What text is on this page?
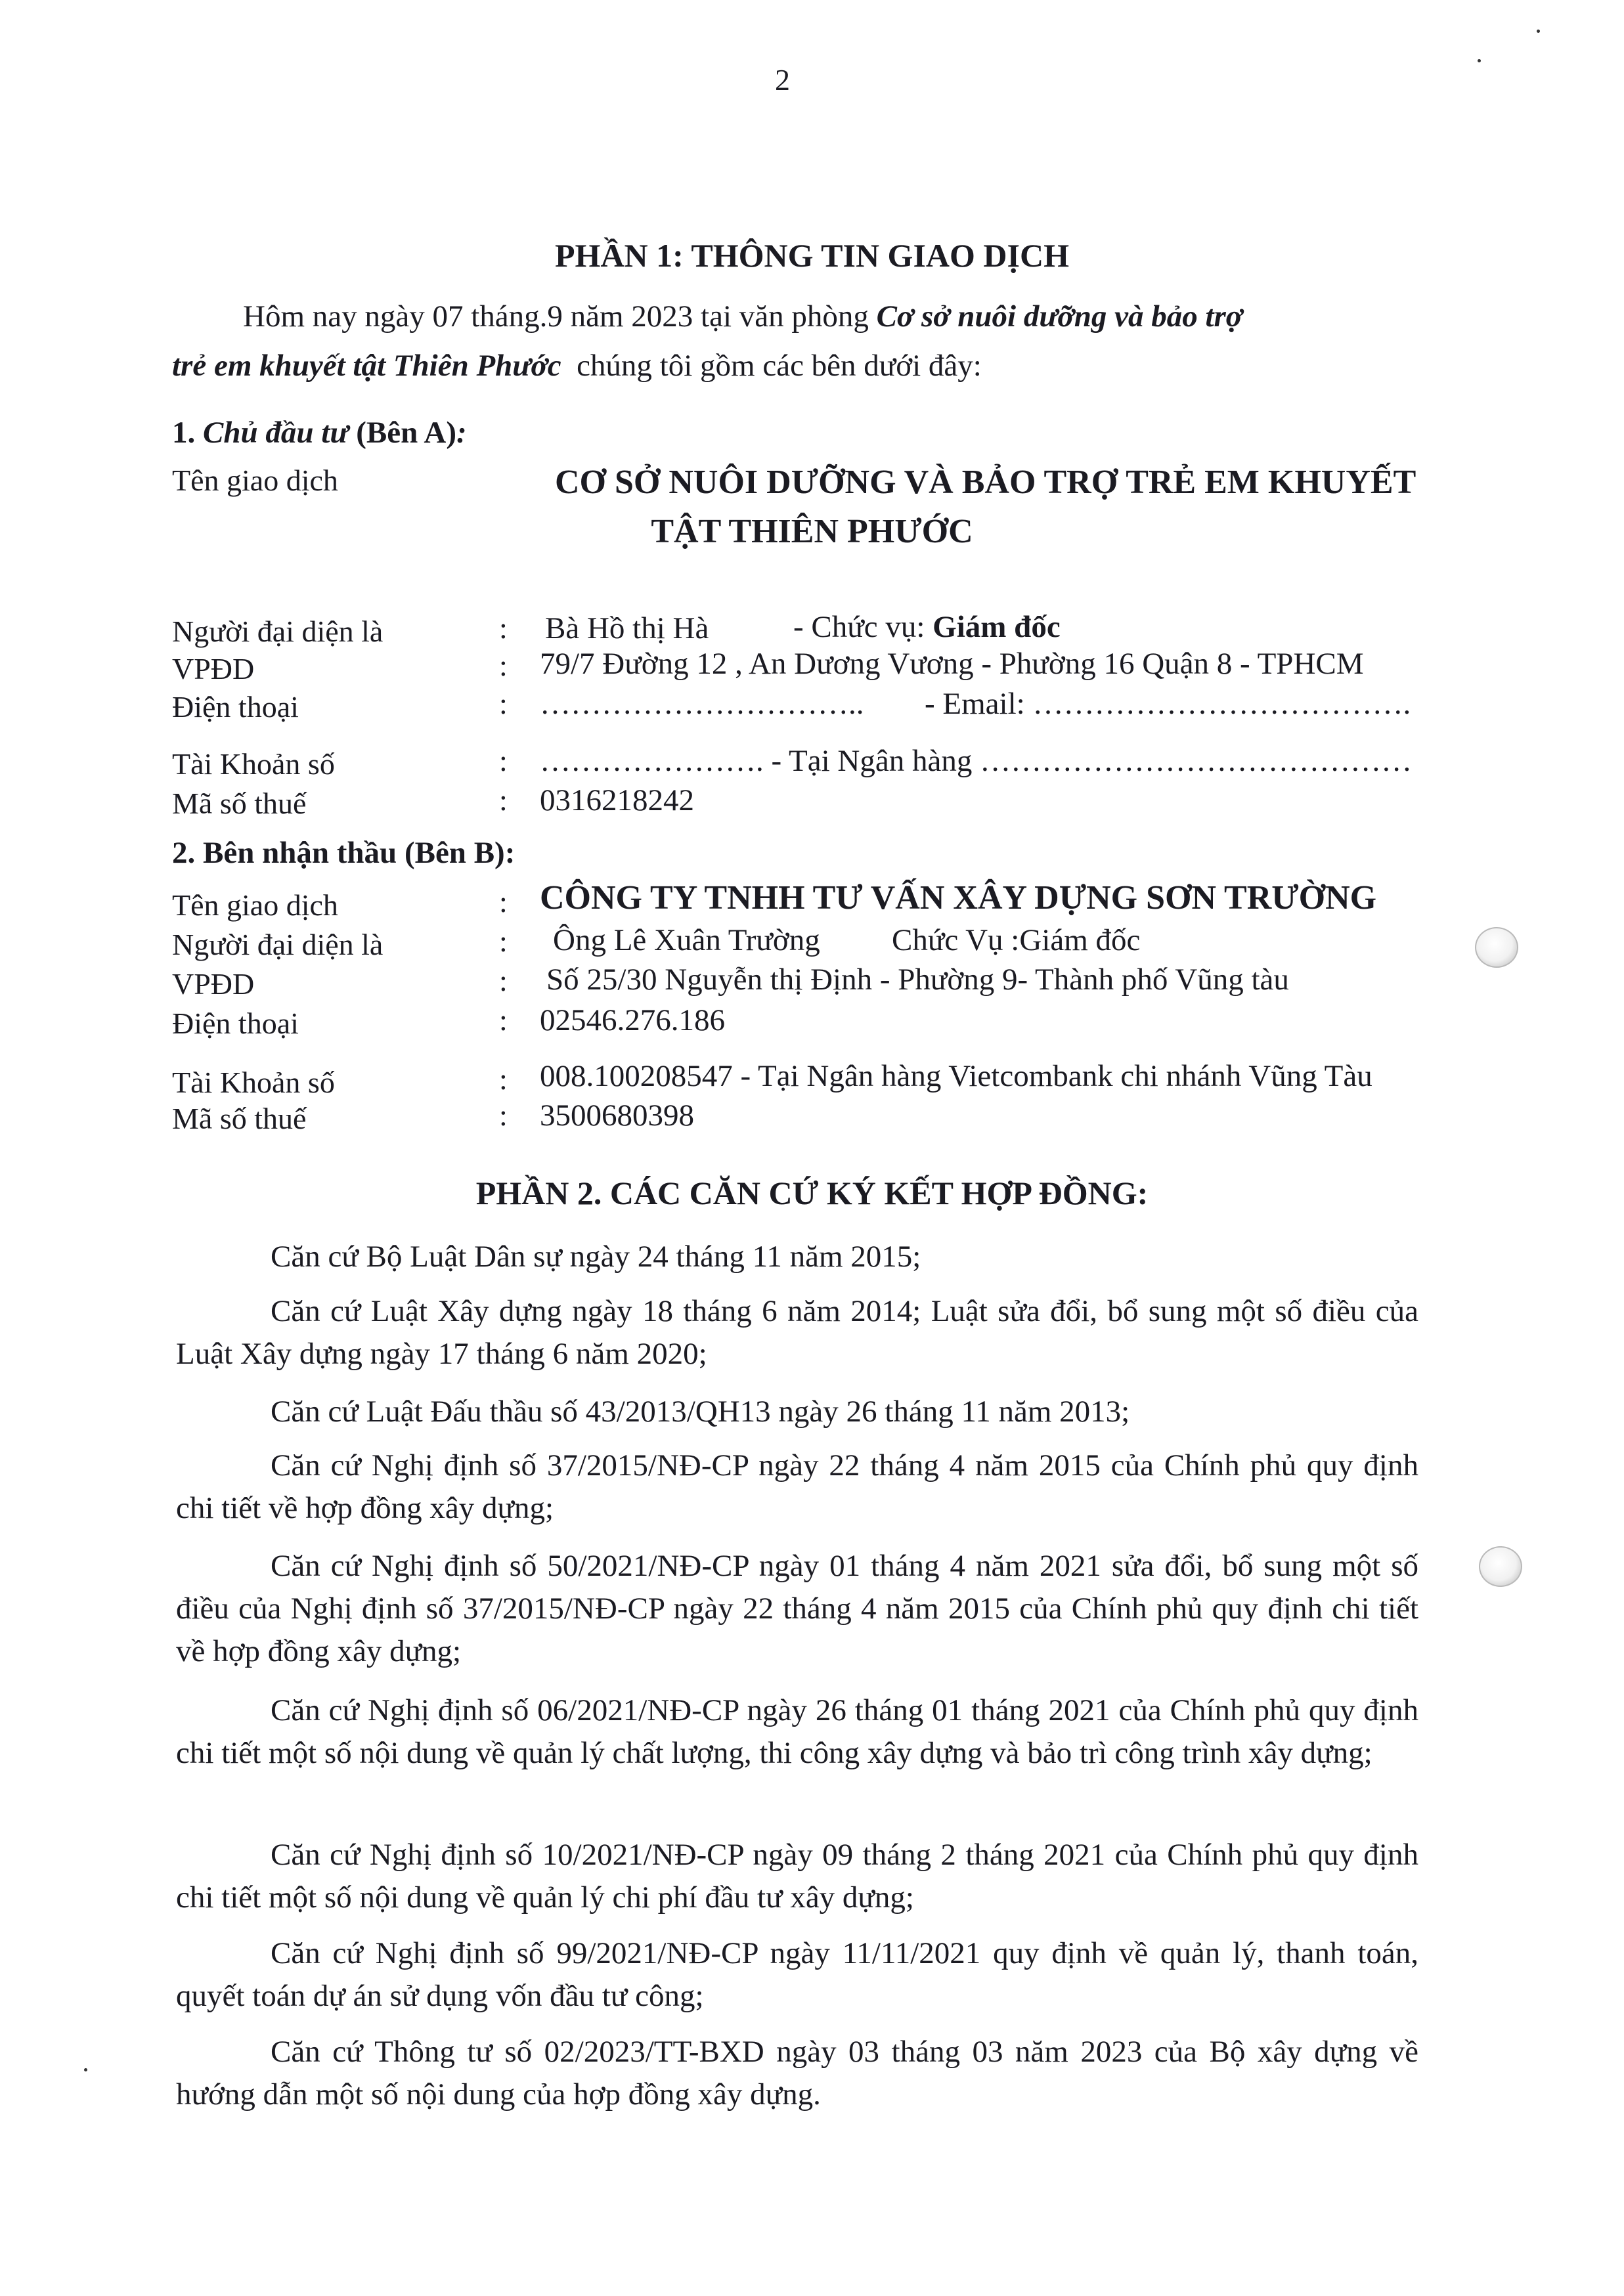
2
PHẦN 1: THÔNG TIN GIAO DỊCH
Hôm nay ngày 07 tháng.9 năm 2023 tại văn phòng Cơ sở nuôi dưỡng và bảo trợ
trẻ em khuyết tật Thiên Phước chúng tôi gồm các bên dưới đây:
1. Chủ đầu tư (Bên A):
Tên giao dịch	CƠ SỞ NUÔI DƯỠNG VÀ BẢO TRỢ TRẺ EM KHUYẾT
TẬT THIÊN PHƯỚC
Người đại diện là	: Bà Hồ thị Hà	- Chức vụ: Giám đốc
VPĐD	: 79/7 Đường 12 , An Dương Vương - Phường 16 Quận 8 - TPHCM
Điện thoại	: ………………………….. - Email: ……………………………….
Tài Khoản số	: …………………. - Tại Ngân hàng ……………………………………
Mã số thuế	: 0316218242
2. Bên nhận thầu (Bên B):
Tên giao dịch	: CÔNG TY TNHH TƯ VẤN XÂY DỰNG SƠN TRƯỜNG
Người đại diện là	: Ông Lê Xuân Trường Chức Vụ :Giám đốc
VPĐD	: Số 25/30 Nguyễn thị Định - Phường 9- Thành phố Vũng tàu
Điện thoại	: 02546.276.186
Tài Khoản số	: 008.100208547 - Tại Ngân hàng Vietcombank chi nhánh Vũng Tàu
Mã số thuế	: 3500680398
PHẦN 2. CÁC CĂN CỨ KÝ KẾT HỢP ĐỒNG:
Căn cứ Bộ Luật Dân sự ngày 24 tháng 11 năm 2015;
Căn cứ Luật Xây dựng ngày 18 tháng 6 năm 2014; Luật sửa đổi, bổ sung một số điều của Luật Xây dựng ngày 17 tháng 6 năm 2020;
Căn cứ Luật Đấu thầu số 43/2013/QH13 ngày 26 tháng 11 năm 2013;
Căn cứ Nghị định số 37/2015/NĐ-CP ngày 22 tháng 4 năm 2015 của Chính phủ quy định chi tiết về hợp đồng xây dựng;
Căn cứ Nghị định số 50/2021/NĐ-CP ngày 01 tháng 4 năm 2021 sửa đổi, bổ sung một số điều của Nghị định số 37/2015/NĐ-CP ngày 22 tháng 4 năm 2015 của Chính phủ quy định chi tiết về hợp đồng xây dựng;
Căn cứ Nghị định số 06/2021/NĐ-CP ngày 26 tháng 01 tháng 2021 của Chính phủ quy định chi tiết một số nội dung về quản lý chất lượng, thi công xây dựng và bảo trì công trình xây dựng;
Căn cứ Nghị định số 10/2021/NĐ-CP ngày 09 tháng 2 tháng 2021 của Chính phủ quy định chi tiết một số nội dung về quản lý chi phí đầu tư xây dựng;
Căn cứ Nghị định số 99/2021/NĐ-CP ngày 11/11/2021 quy định về quản lý, thanh toán, quyết toán dự án sử dụng vốn đầu tư công;
Căn cứ Thông tư số 02/2023/TT-BXD ngày 03 tháng 03 năm 2023 của Bộ xây dựng về hướng dẫn một số nội dung của hợp đồng xây dựng.
